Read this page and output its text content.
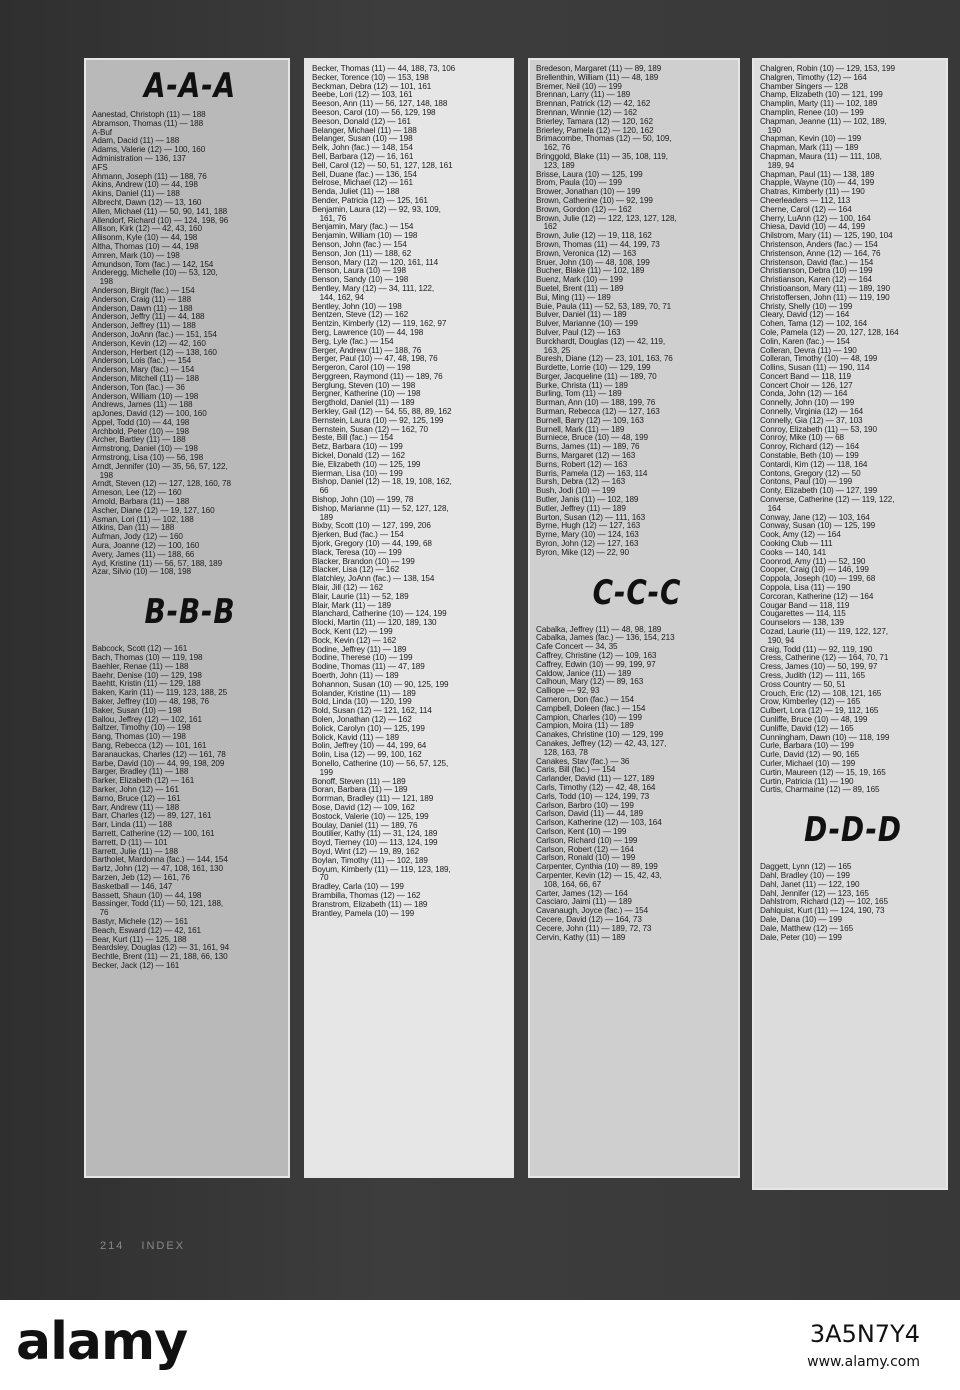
A-A-A
Aanestad, Christoph (11) — 188
Abramson, Thomas (11) — 188
A-Buf
Adam, Dacid (11) — 188
Adams, Valerie (12) — 100, 160
Administration — 136, 137
AFS
Ahmann, Joseph (11) — 188, 76
Akins, Andrew (10) — 44, 198
Akins, Daniel (11) — 188
Albrecht, Dawn (12) — 13, 160
Allen, Michael (11) — 50, 90, 141, 188
Allendorf, Richard (10) — 124, 198, 96
Allison, Kirk (12) — 42, 43, 160
Allisonm, Kyle (10) — 44, 198
Altha, Thomas (10) — 44, 198
Amren, Mark (10) — 198
Amundson, Tom (fac.) — 142, 154
Anderegg, Michelle (10) — 53, 120,
198
Anderson, Birgit (fac.) — 154
Anderson, Craig (11) — 188
Anderson, Dawn (11) — 188
Anderson, Jeffry (11) — 44, 188
Anderson, Jeffrey (11) — 188
Anderson, JoAnn (fac.) — 151, 154
Anderson, Kevin (12) — 42, 160
Anderson, Herbert (12) — 138, 160
Anderson, Lois (fac.) — 154
Anderson, Mary (fac.) — 154
Anderson, Mitchell (11) — 188
Anderson, Ton (fac.) — 36
Anderson, William (10) — 198
Andrews, James (11) — 188
apJones, David (12) — 100, 160
Appel, Todd (10) — 44, 198
Archbold, Peter (10) — 198
Archer, Bartley (11) — 188
Armstrong, Daniel (10) — 198
Armstrong, Lisa (10) — 56, 198
Arndt, Jennifer (10) — 35, 56, 57, 122,
198
Arndt, Steven (12) — 127, 128, 160, 78
Arneson, Lee (12) — 160
Arnold, Barbara (11) — 188
Ascher, Diane (12) — 19, 127, 160
Asman, Lori (11) — 102, 188
Atkins, Dan (11) — 188
Aufman, Jody (12) — 160
Aura, Joanne (12) — 100, 160
Avery, James (11) — 188, 66
Ayd, Kristine (11) — 56, 57, 188, 189
Azar, Silvio (10) — 108, 198
B-B-B
Babcock, Scott (12) — 161
Bach, Thomas (10) — 119, 198
Baehler, Renae (11) — 188
Baehr, Denise (10) — 129, 198
Baehtt, Kristin (11) — 129, 188
Baken, Karin (11) — 119, 123, 188, 25
Baker, Jeffrey (10) — 48, 198, 76
Baker, Susan (10) — 198
Ballou, Jeffrey (12) — 102, 161
Baltzer, Timothy (10) — 198
Bang, Thomas (10) — 198
Bang, Rebecca (12) — 101, 161
Baranauckas, Charles (12) — 161, 78
Barbe, David (10) — 44, 99, 198, 209
Barger, Bradley (11) — 188
Barker, Elizabeth (12) — 161
Barker, John (12) — 161
Barno, Bruce (12) — 161
Barr, Andrew (11) — 188
Barr, Charles (12) — 89, 127, 161
Barr, Linda (11) — 188
Barrett, Catherine (12) — 100, 161
Barrett, D (11) — 101
Barrett, Julie (11) — 188
Bartholet, Mardonna (fac.) — 144, 154
Bartz, John (12) — 47, 108, 161, 130
Barzen, Jeb (12) — 161, 76
Basketball — 146, 147
Bassett, Shaun (10) — 44, 198
Bassinger, Todd (11) — 50, 121, 188,
76
Bastyr, Michele (12) — 161
Beach, Esward (12) — 42, 161
Bear, Kurt (11) — 125, 188
Beardsley, Douglas (12) — 31, 161, 94
Bechtle, Brent (11) — 21, 188, 66, 130
Becker, Jack (12) — 161
Becker, Thomas (11) — 44, 188, 73, 106
Becker, Torence (10) — 153, 198
Beckman, Debra (12) — 101, 161
Beebe, Lori (12) — 103, 161
Beeson, Ann (11) — 56, 127, 148, 188
Beeson, Carol (10) — 56, 129, 198
Beeson, Donald (12) — 161
Belanger, Michael (11) — 188
Belanger, Susan (10) — 198
Belk, John (fac.) — 148, 154
Bell, Barbara (12) — 16, 161
Bell, Carol (12) — 50, 51, 127, 128, 161
Bell, Duane (fac.) — 136, 154
Belrose, Michael (12) — 161
Benda, Juliet (11) — 188
Bender, Patricia (12) — 125, 161
Benjamin, Laura (12) — 92, 93, 109,
161, 76
Benjamin, Mary (fac.) — 154
Benjamin, William (10) — 198
Benson, John (fac.) — 154
Benson, Jon (11) — 188, 62
Benson, Mary (12) — 120, 161, 114
Benson, Laura (10) — 198
Benson, Sandy (10) — 198
Bentley, Mary (12) — 34, 111, 122,
144, 162, 94
Bentley, John (10) — 198
Bentzen, Steve (12) — 162
Bentzin, Kimberly (12) — 119, 162, 97
Berg, Lawrence (10) — 44, 198
Berg, Lyle (fac.) — 154
Berger, Andrew (11) — 188, 76
Berger, Paul (10) — 47, 48, 198, 76
Bergeron, Carol (10) — 198
Berggreen, Raymond (11) — 189, 76
Berglung, Steven (10) — 198
Bergner, Katherine (10) — 198
Bergthold, Daniel (11) — 189
Berkley, Gail (12) — 54, 55, 88, 89, 162
Bernstein, Laura (10) — 92, 125, 199
Bernstein, Susan (12) — 162, 70
Beste, Bill (fac.) — 154
Betz, Barbara (10) — 199
Bickel, Donald (12) — 162
Bie, Elizabeth (10) — 125, 199
Bierman, Lisa (10) — 199
Bishop, Daniel (12) — 18, 19, 108, 162,
66
Bishop, John (10) — 199, 78
Bishop, Marianne (11) — 52, 127, 128,
189
Bixby, Scott (10) — 127, 199, 206
Bjerken, Bud (fac.) — 154
Bjork, Gregory (10) — 44, 199, 68
Black, Teresa (10) — 199
Blacker, Brandon (10) — 199
Blacker, Lisa (12) — 162
Blatchley, JoAnn (fac.) — 138, 154
Blair, Jill (12) — 162
Blair, Laurie (11) — 52, 189
Blair, Mark (11) — 189
Blanchard, Catherine (10) — 124, 199
Blocki, Martin (11) — 120, 189, 130
Bock, Kent (12) — 199
Bock, Kevin (12) — 162
Bodine, Jeffrey (11) — 189
Bodine, Therese (10) — 199
Bodine, Thomas (11) — 47, 189
Boerth, John (11) — 189
Bohannon, Susan (10) — 90, 125, 199
Bolander, Kristine (11) — 189
Bold, Linda (10) — 120, 199
Bold, Susan (12) — 121, 162, 114
Bolen, Jonathan (12) — 162
Bolick, Carolyn (10) — 125, 199
Bolick, Kavid (11) — 189
Bolin, Jeffrey (10) — 44, 199, 64
Bolin, Lisa (12) — 99, 100, 162
Bonello, Catherine (10) — 56, 57, 125,
199
Bonoff, Steven (11) — 189
Boran, Barbara (11) — 189
Borrman, Bradley (11) — 121, 189
Bose, David (12) — 109, 162
Bostock, Valerie (10) — 125, 199
Boulay, Daniel (11) — 189, 76
Boutilier, Kathy (11) — 31, 124, 189
Boyd, Tierney (10) — 113, 124, 199
Boyd, Wint (12) — 19, 89, 162
Boylan, Timothy (11) — 102, 189
Boyum, Kimberly (11) — 119, 123, 189,
70
Bradley, Carla (10) — 199
Brambilla, Thomas (12) — 162
Branstrom, Elizabeth (11) — 189
Brantley, Pamela (10) — 199
Bredeson, Margaret (11) — 89, 189
Brellenthin, William (11) — 48, 189
Bremer, Neil (10) — 199
Brennan, Larry (11) — 189
Brennan, Patrick (12) — 42, 162
Brennan, Winnie (12) — 162
Brierley, Tamara (12) — 120, 162
Brierley, Pamela (12) — 120, 162
Brimacombe, Thomas (12) — 50, 109,
162, 76
Bringgold, Blake (11) — 35, 108, 119,
123, 189
Brisse, Laura (10) — 125, 199
Brom, Paula (10) — 199
Brower, Jonathan (10) — 199
Brown, Catherine (10) — 92, 199
Brown, Gordon (12) — 162
Brown, Julie (12) — 122, 123, 127, 128,
162
Brown, Julie (12) — 19, 118, 162
Brown, Thomas (11) — 44, 199, 73
Brown, Veronica (12) — 163
Bruer, John (10) — 48, 108, 199
Bucher, Blake (11) — 102, 189
Buenz, Mark (10) — 199
Buetel, Brent (11) — 189
Bui, Ming (11) — 189
Buie, Paula (11) — 52, 53, 189, 70, 71
Bulver, Daniel (11) — 189
Bulver, Marianne (10) — 199
Bulver, Paul (12) — 163
Burckhardt, Douglas (12) — 42, 119,
163, 25
Buresh, Diane (12) — 23, 101, 163, 76
Burdette, Lorrie (10) — 129, 199
Burger, Jacqueline (11) — 189, 70
Burke, Christa (11) — 189
Burling, Tom (11) — 189
Burman, Ann (10) — 188, 199, 76
Burman, Rebecca (12) — 127, 163
Burnell, Barry (12) — 109, 163
Burnell, Mark (11) — 189
Burniece, Bruce (10) — 48, 199
Burns, James (11) — 189, 76
Burns, Margaret (12) — 163
Burns, Robert (12) — 163
Burris, Pamela (12) — 163, 114
Bursh, Debra (12) — 163
Bush, Jodi (10) — 199
Butler, Janis (11) — 102, 189
Butler, Jeffrey (11) — 189
Burton, Susan (12) — 111, 163
Byrne, Hugh (12) — 127, 163
Byrne, Mary (10) — 124, 163
Byron, John (12) — 127, 163
Byron, Mike (12) — 22, 90
C-C-C
Cabalka, Jeffrey (11) — 48, 98, 189
Cabalka, James (fac.) — 136, 154, 213
Cafe Concert — 34, 35
Caffrey, Christine (12) — 109, 163
Caffrey, Edwin (10) — 99, 199, 97
Caldow, Janice (11) — 189
Calhoun, Mary (12) — 89, 163
Calliope — 92, 93
Cameron, Don (fac.) — 154
Campbell, Doleen (fac.) — 154
Campion, Charles (10) — 199
Campion, Moira (11) — 189
Canakes, Christine (10) — 129, 199
Canakes, Jeffrey (12) — 42, 43, 127,
128, 163, 78
Canakes, Stav (fac.) — 36
Caris, Bill (fac.) — 154
Carlander, David (11) — 127, 189
Carls, Timothy (12) — 42, 48, 164
Carls, Todd (10) — 124, 199, 73
Carlson, Barbro (10) — 199
Carlson, David (11) — 44, 189
Carlson, Katherine (12) — 103, 164
Carlson, Kent (10) — 199
Carlson, Richard (10) — 199
Carlson, Robert (12) — 164
Carlson, Ronald (10) — 199
Carpenter, Cynthia (10) — 89, 199
Carpenter, Kevin (12) — 15, 42, 43,
108, 164, 66, 67
Carter, James (12) — 164
Casciaro, Jaimi (11) — 189
Cavanaugh, Joyce (fac.) — 154
Cecere, David (12) — 164, 73
Cecere, John (11) — 189, 72, 73
Cervin, Kathy (11) — 189
Chalgren, Robin (10) — 129, 153, 199
Chalgren, Timothy (12) — 164
Chamber Singers — 128
Champ, Elizabeth (10) — 121, 199
Champlin, Marty (11) — 102, 189
Champlin, Renee (10) — 199
Chapman, Jeanne (11) — 102, 189,
190
Chapman, Kevin (10) — 199
Chapman, Mark (11) — 189
Chapman, Maura (11) — 111, 108,
189, 94
Chapman, Paul (11) — 138, 189
Chapple, Wayne (10) — 44, 199
Chatras, Kimberly (11) — 190
Cheerleaders — 112, 113
Cherne, Carol (12) — 164
Cherry, LuAnn (12) — 100, 164
Chiesa, David (10) — 44, 199
Chilstrom, Mary (11) — 125, 190, 104
Christenson, Anders (fac.) — 154
Christenson, Anne (12) — 164, 76
Christenson, David (fac.) — 154
Christianson, Debra (10) — 199
Christianson, Karen (12) — 164
Christioanson, Mary (11) — 189, 190
Christoffersen, John (11) — 119, 190
Christy, Shelly (10) — 199
Cleary, David (12) — 164
Cohen, Tama (12) — 102, 164
Cole, Pamela (12) — 20, 127, 128, 164
Colin, Karen (fac.) — 154
Colleran, Devra (11) — 190
Colleran, Timothy (10) — 48, 199
Collins, Susan (11) — 190, 114
Concert Band — 118, 119
Concert Choir — 126, 127
Conda, John (12) — 164
Connelly, John (10) — 199
Connelly, Virginia (12) — 164
Connelly, Gia (12) — 37, 103
Conroy, Elizabeth (11) — 53, 190
Conroy, Mike (10) — 68
Conroy, Richard (12) — 164
Constable, Beth (10) — 199
Contardi, Kim (12) — 118, 164
Contons, Gregory (12) — 50
Contons, Paul (10) — 199
Conty, Elizabeth (10) — 127, 199
Converse, Catherine (12) — 119, 122,
164
Conway, Jane (12) — 103, 164
Conway, Susan (10) — 125, 199
Cook, Amy (12) — 164
Cooking Club — 111
Cooks — 140, 141
Coonrod, Amy (11) — 52, 190
Cooper, Craig (10) — 146, 199
Coppola, Joseph (10) — 199, 68
Coppola, Lisa (11) — 190
Corcoran, Katherine (12) — 164
Cougar Band — 118, 119
Cougarettes — 114, 115
Counselors — 138, 139
Cozad, Laurie (11) — 119, 122, 127,
190, 94
Craig, Todd (11) — 92, 119, 190
Cress, Catherine (12) — 164, 70, 71
Cress, James (10) — 50, 199, 97
Cress, Judith (12) — 111, 165
Cross Country — 50, 51
Crouch, Eric (12) — 108, 121, 165
Crow, Kimberley (12) — 165
Culbert, Lora (12) — 19, 112, 165
Cunliffe, Bruce (10) — 48, 199
Cunliffe, David (12) — 165
Cunningham, Dawn (10) — 118, 199
Curle, Barbara (10) — 199
Curle, David (12) — 90, 165
Curler, Michael (10) — 199
Curtin, Maureen (12) — 15, 19, 165
Curtin, Patricia (11) — 190
Curtis, Charmaine (12) — 89, 165
D-D-D
Daggett, Lynn (12) — 165
Dahl, Bradley (10) — 199
Dahl, Janet (11) — 122, 190
Dahl, Jennifer (12) — 123, 165
Dahlstrom, Richard (12) — 102, 165
Dahlquist, Kurt (11) — 124, 190, 73
Dale, Dana (10) — 199
Dale, Matthew (12) — 165
Dale, Peter (10) — 199
214 INDEX
alamy	3A5N7Y4
www.alamy.com
